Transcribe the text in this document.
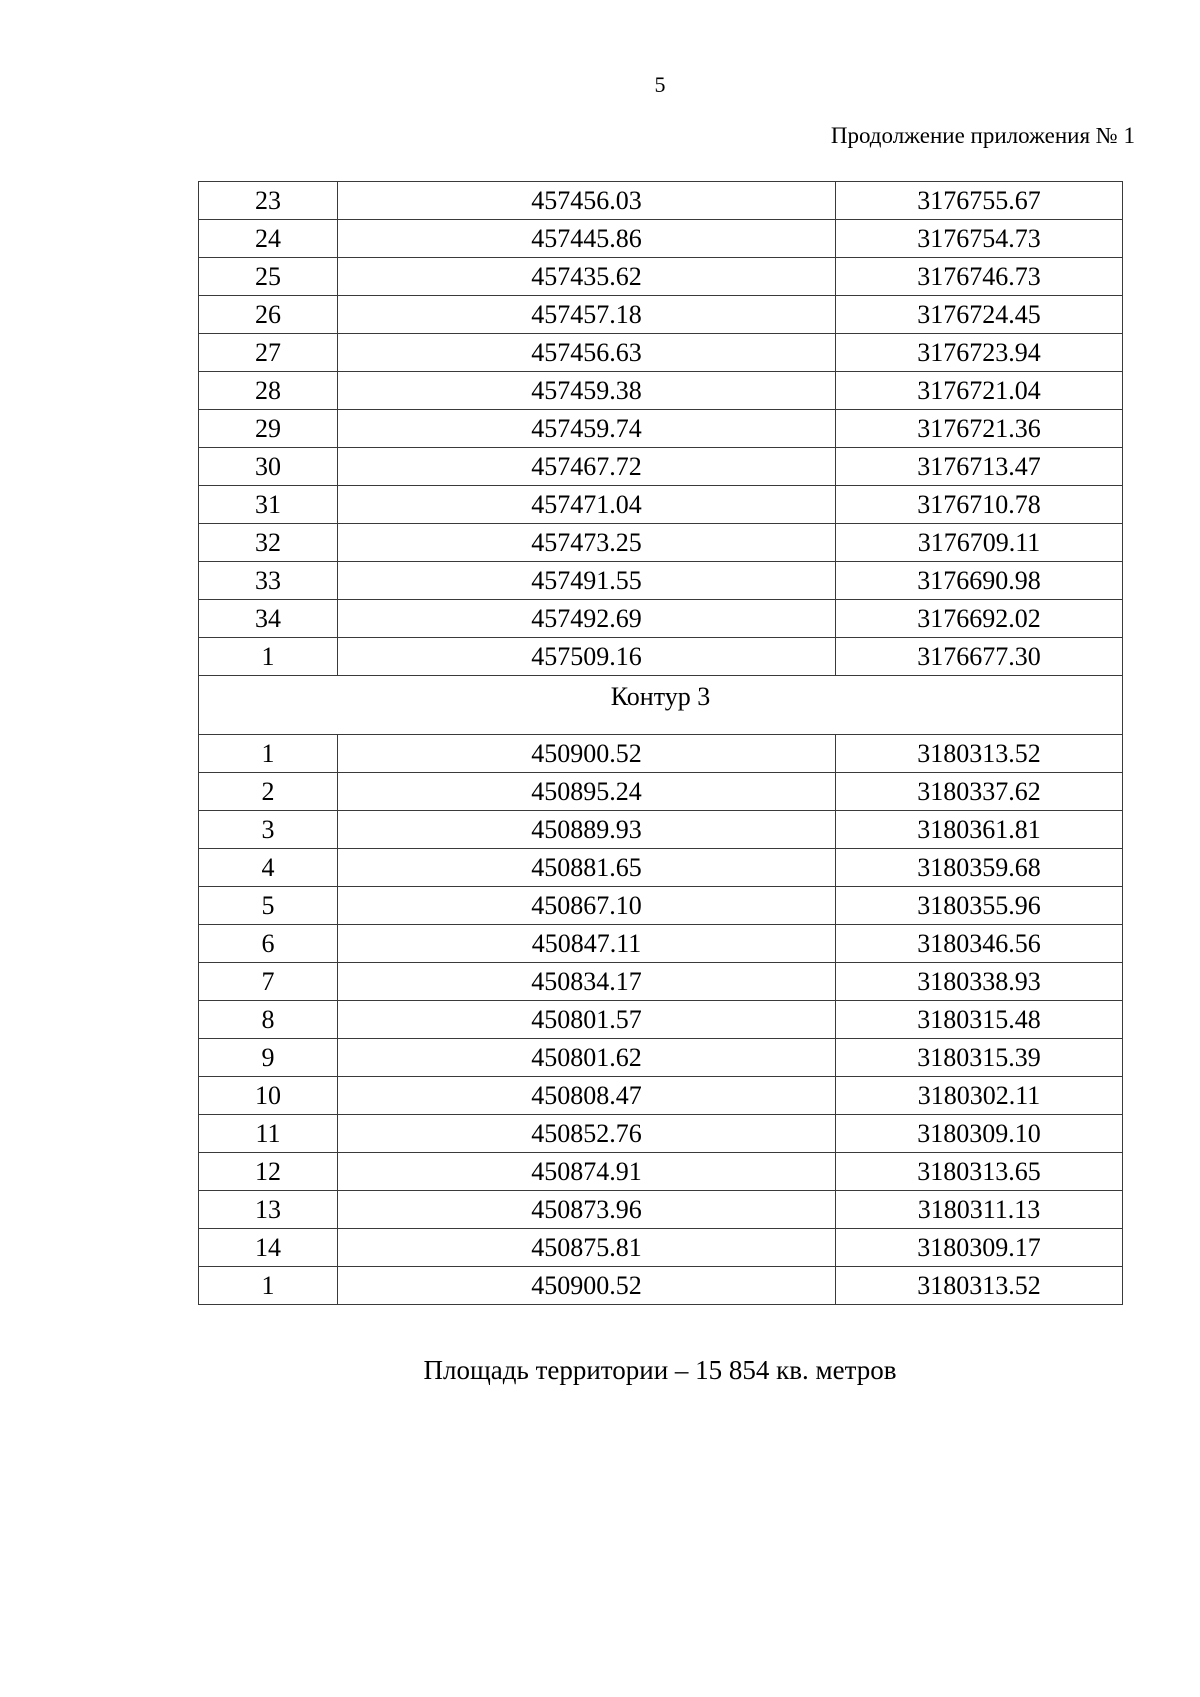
5
Продолжение приложения № 1
23	457456.03	3176755.67
24	457445.86	3176754.73
25	457435.62	3176746.73
26	457457.18	3176724.45
27	457456.63	3176723.94
28	457459.38	3176721.04
29	457459.74	3176721.36
30	457467.72	3176713.47
31	457471.04	3176710.78
32	457473.25	3176709.11
33	457491.55	3176690.98
34	457492.69	3176692.02
1	457509.16	3176677.30
Контур 3		
1	450900.52	3180313.52
2	450895.24	3180337.62
3	450889.93	3180361.81
4	450881.65	3180359.68
5	450867.10	3180355.96
6	450847.11	3180346.56
7	450834.17	3180338.93
8	450801.57	3180315.48
9	450801.62	3180315.39
10	450808.47	3180302.11
11	450852.76	3180309.10
12	450874.91	3180313.65
13	450873.96	3180311.13
14	450875.81	3180309.17
1	450900.52	3180313.52
Площадь территории – 15 854 кв. метров
